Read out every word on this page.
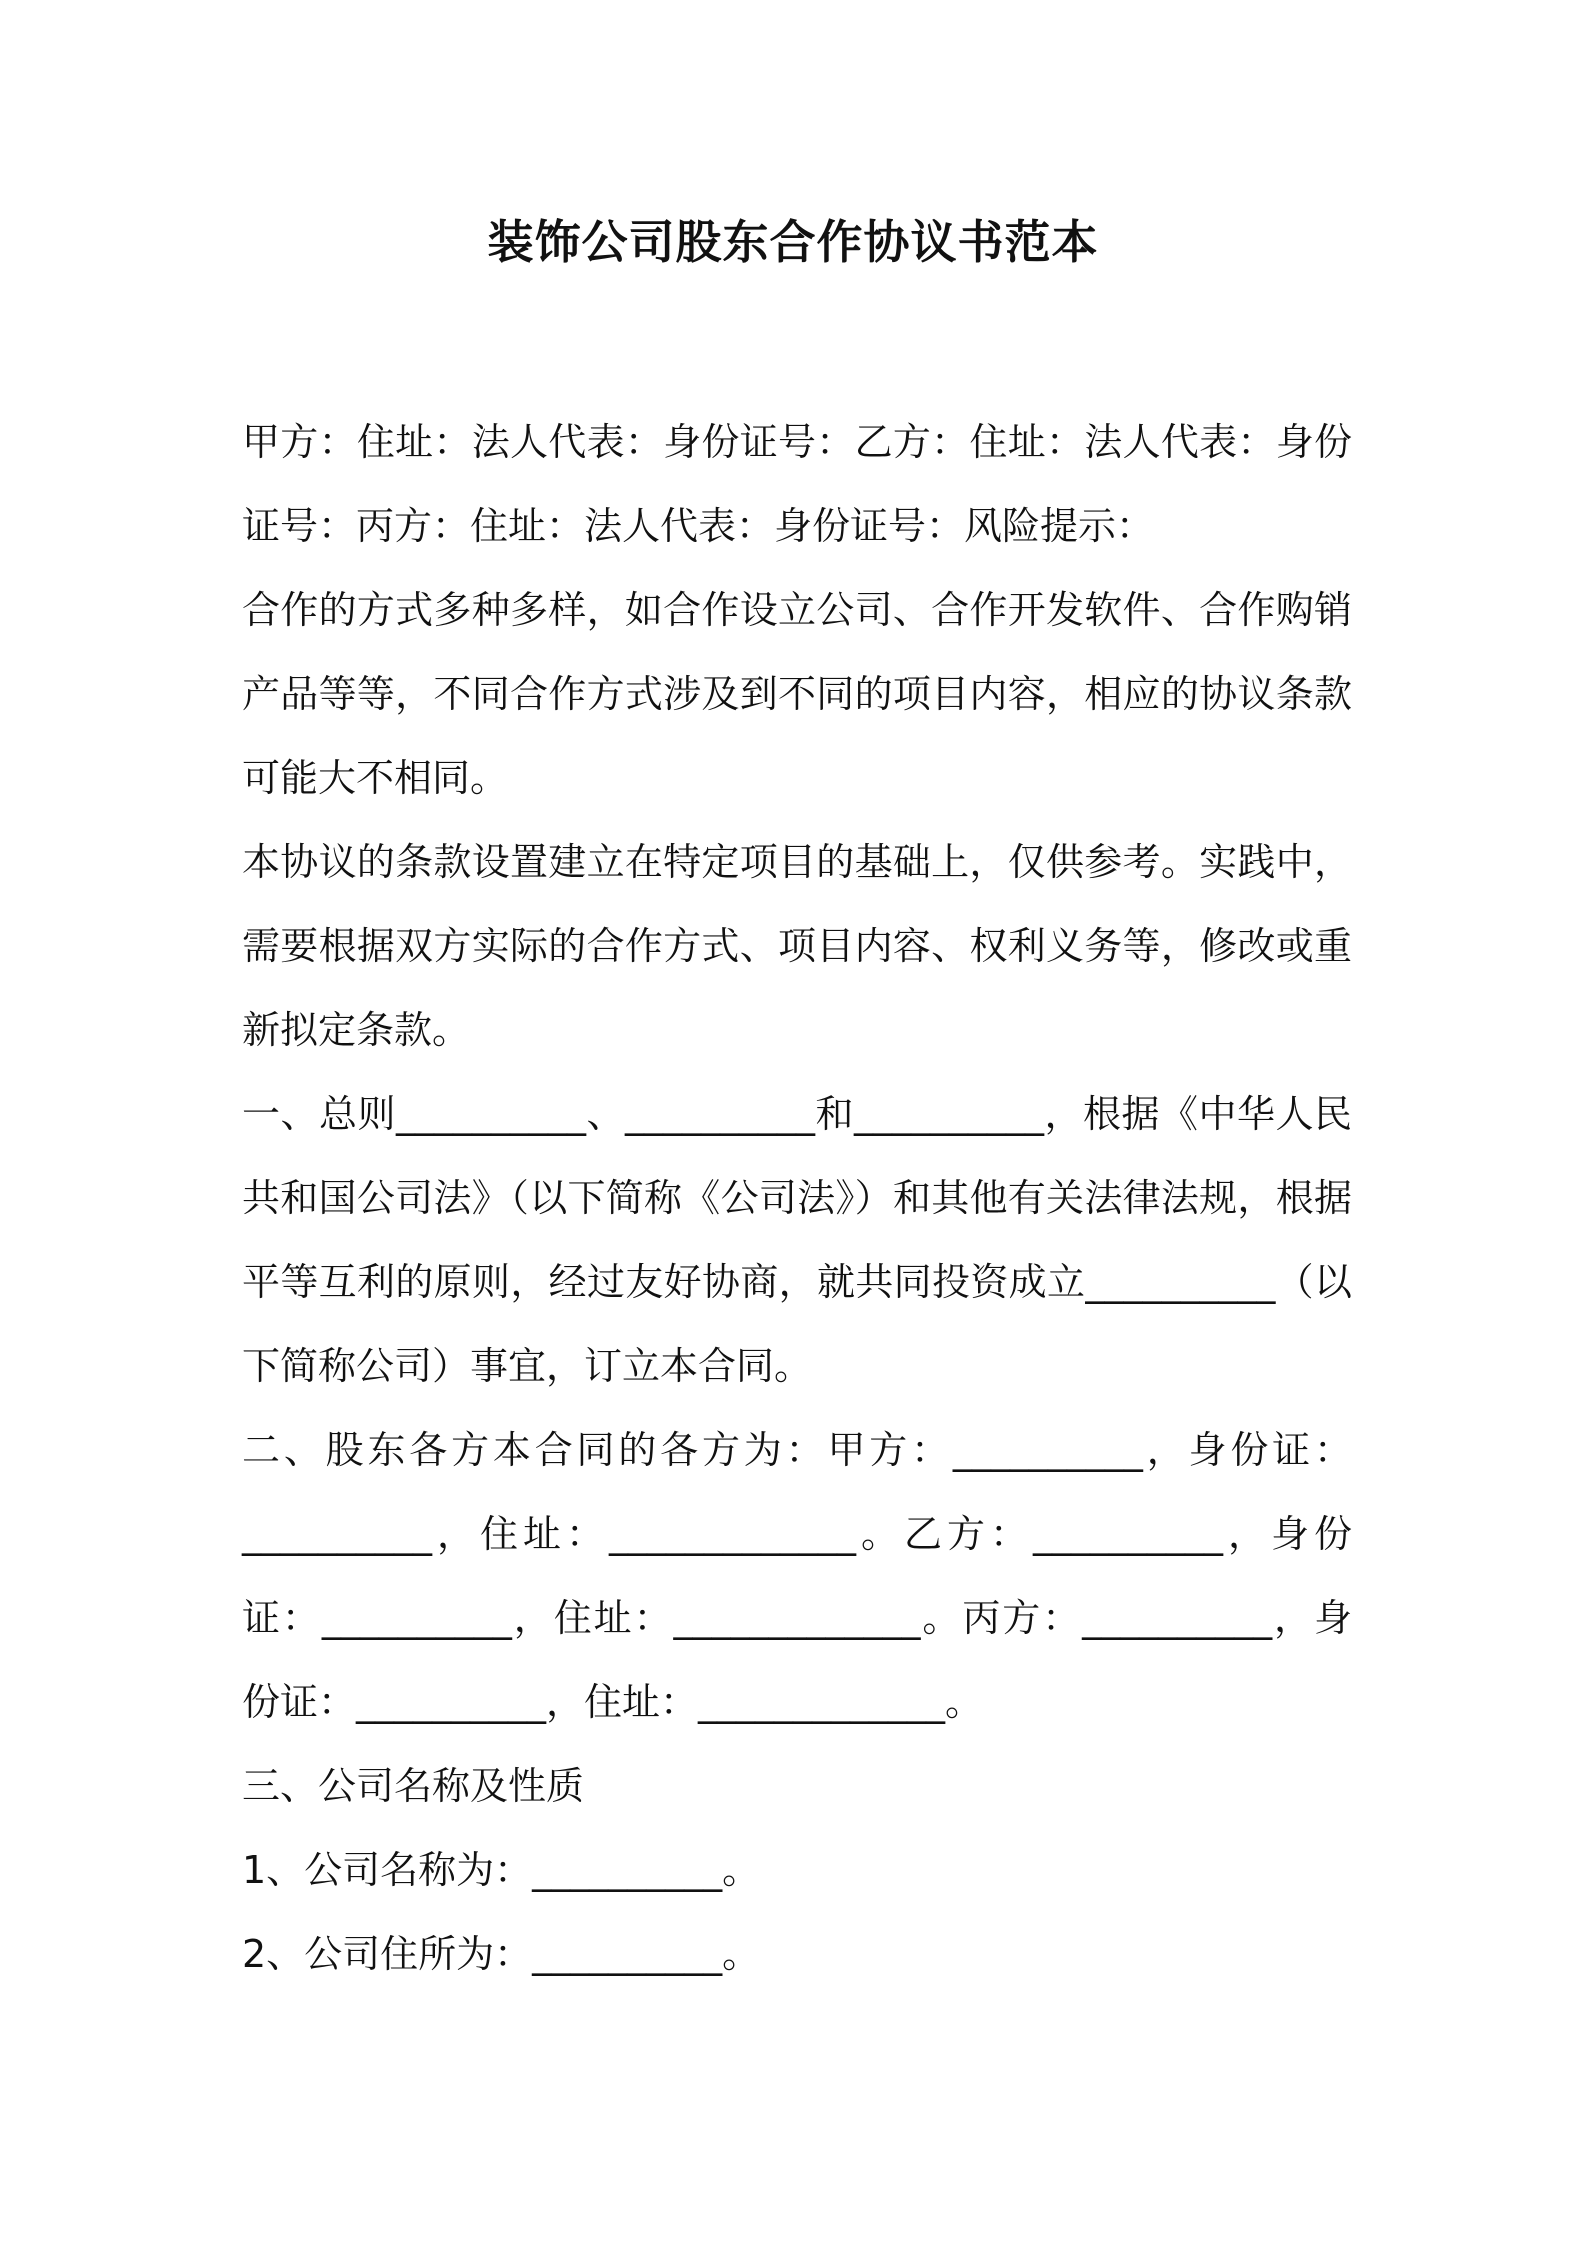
装饰公司股东合作协议书范本

甲方：住址：法人代表：身份证号：乙方：住址：法人代表：身份证号：丙方：住址：法人代表：身份证号：风险提示：

合作的方式多种多样，如合作设立公司、合作开发软件、合作购销产品等等，不同合作方式涉及到不同的项目内容，相应的协议条款可能大不相同。

本协议的条款设置建立在特定项目的基础上，仅供参考。实践中，需要根据双方实际的合作方式、项目内容、权利义务等，修改或重新拟定条款。

一、总则__________、__________和__________，根据《中华人民共和国公司法》（以下简称《公司法》）和其他有关法律法规，根据平等互利的原则，经过友好协商，就共同投资成立__________（以下简称公司）事宜，订立本合同。

二、股东各方本合同的各方为：甲方：__________，身份证：__________，住址：_____________。乙方：__________，身份证：__________，住址：_____________。丙方：__________，身份证：__________，住址：_____________。

三、公司名称及性质

1、公司名称为：__________。

2、公司住所为：__________。
